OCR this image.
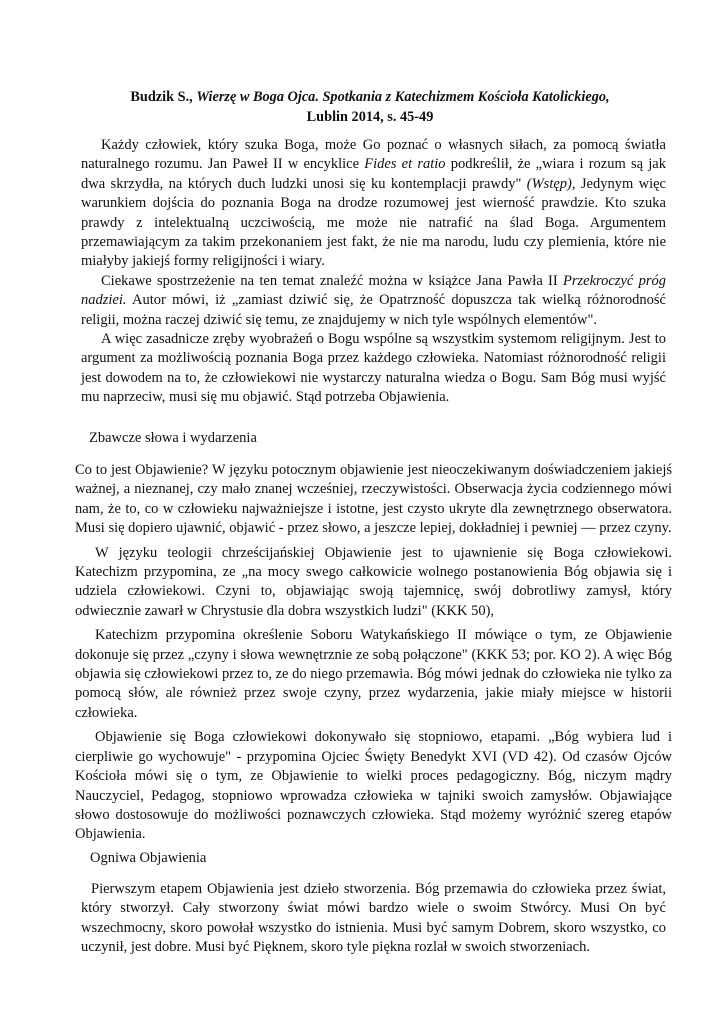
Budzik S., Wierzę w Boga Ojca. Spotkania z Katechizmem Kościoła Katolickiego,
Lublin 2014, s. 45-49

Każdy człowiek, który szuka Boga, może Go poznać o własnych siłach, za pomocą światła naturalnego rozumu. Jan Paweł II w encyklice Fides et ratio podkreślił, że „wiara i rozum są jak dwa skrzydła, na których duch ludzki unosi się ku kontemplacji prawdy" (Wstęp), Jedynym więc warunkiem dojścia do poznania Boga na drodze rozumowej jest wierność prawdzie. Kto szuka prawdy z intelektualną uczciwością, me może nie natrafić na ślad Boga. Argumentem przemawiającym za takim przekonaniem jest fakt, że nie ma narodu, ludu czy plemienia, które nie miałyby jakiejś formy religijności i wiary.

Ciekawe spostrzeżenie na ten temat znaleźć można w książce Jana Pawła II Przekroczyć próg nadziei. Autor mówi, iż „zamiast dziwić się, że Opatrzność dopuszcza tak wielką różnorodność religii, można raczej dziwić się temu, ze znajdujemy w nich tyle wspólnych elementów".

A więc zasadnicze zręby wyobrażeń o Bogu wspólne są wszystkim systemom religijnym. Jest to argument za możliwością poznania Boga przez każdego człowieka. Natomiast różnorodność religii jest dowodem na to, że człowiekowi nie wystarczy naturalna wiedza o Bogu. Sam Bóg musi wyjść mu naprzeciw, musi się mu objawić. Stąd potrzeba Objawienia.

Zbawcze słowa i wydarzenia

Co to jest Objawienie? W języku potocznym objawienie jest nieoczekiwanym doświadczeniem jakiejś ważnej, a nieznanej, czy mało znanej wcześniej, rzeczywistości. Obserwacja życia codziennego mówi nam, że to, co w człowieku najważniejsze i istotne, jest czysto ukryte dla zewnętrznego obserwatora. Musi się dopiero ujawnić, objawić - przez słowo, a jeszcze lepiej, dokładniej i pewniej — przez czyny.

W języku teologii chrześcijańskiej Objawienie jest to ujawnienie się Boga człowiekowi. Katechizm przypomina, ze „na mocy swego całkowicie wolnego postanowienia Bóg objawia się i udziela człowiekowi. Czyni to, objawiając swoją tajemnicę, swój dobrotliwy zamysł, który odwiecznie zawarł w Chrystusie dla dobra wszystkich ludzi" (KKK 50),

Katechizm przypomina określenie Soboru Watykańskiego II mówiące o tym, ze Objawienie dokonuje się przez „czyny i słowa wewnętrznie ze sobą połączone" (KKK 53; por. KO 2). A więc Bóg objawia się człowiekowi przez to, ze do niego przemawia. Bóg mówi jednak do człowieka nie tylko za pomocą słów, ale również przez swoje czyny, przez wydarzenia, jakie miały miejsce w historii człowieka.

Objawienie się Boga człowiekowi dokonywało się stopniowo, etapami. „Bóg wybiera lud i cierpliwie go wychowuje" - przypomina Ojciec Święty Benedykt XVI (VD 42). Od czasów Ojców Kościoła mówi się o tym, ze Objawienie to wielki proces pedagogiczny. Bóg, niczym mądry Nauczyciel, Pedagog, stopniowo wprowadza człowieka w tajniki swoich zamysłów. Objawiające słowo dostosowuje do możliwości poznawczych człowieka. Stąd możemy wyróżnić szereg etapów Objawienia.

Ogniwa Objawienia

Pierwszym etapem Objawienia jest dzieło stworzenia. Bóg przemawia do człowieka przez świat, który stworzył. Cały stworzony świat mówi bardzo wiele o swoim Stwórcy. Musi On być wszechmocny, skoro powołał wszystko do istnienia. Musi być samym Dobrem, skoro wszystko, co uczynił, jest dobre. Musi być Pięknem, skoro tyle piękna rozlał w swoich stworzeniach.
